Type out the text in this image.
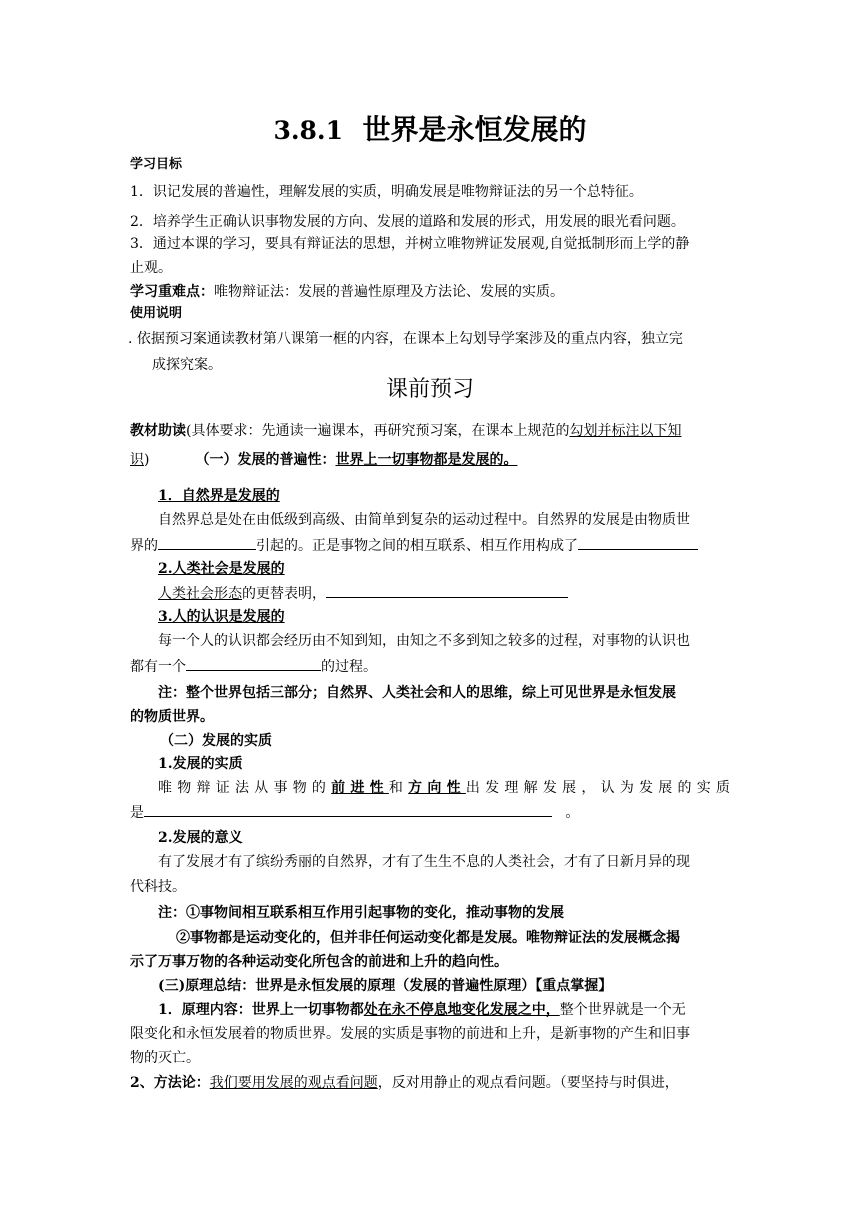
3.8.1 世界是永恒发展的
学习目标
1．识记发展的普遍性，理解发展的实质，明确发展是唯物辩证法的另一个总特征。
2．培养学生正确认识事物发展的方向、发展的道路和发展的形式，用发展的眼光看问题。
3．通过本课的学习，要具有辩证法的思想，并树立唯物辨证发展观,自觉抵制形而上学的静
止观。
学习重难点：唯物辩证法：发展的普遍性原理及方法论、发展的实质。
使用说明
. 依据预习案通读教材第八课第一框的内容，在课本上勾划导学案涉及的重点内容，独立完
成探究案。
课前预习
教材助读(具体要求：先通读一遍课本，再研究预习案，在课本上规范的勾划并标注以下知
识)	（一）发展的普遍性：世界上一切事物都是发展的。
1．自然界是发展的
自然界总是处在由低级到高级、由简单到复杂的运动过程中。自然界的发展是由物质世
界的	引起的。正是事物之间的相互联系、相互作用构成了
2.人类社会是发展的
人类社会形态的更替表明，
3.人的认识是发展的
每一个人的认识都会经历由不知到知，由知之不多到知之较多的过程，对事物的认识也
都有一个	的过程。
注：整个世界包括三部分；自然界、人类社会和人的思维，综上可见世界是永恒发展
的物质世界。
（二）发展的实质
1.发展的实质
唯物辩证法从事物的前进性和方向性出发理解发展，认为发展的实质
是	。
2.发展的意义
有了发展才有了缤纷秀丽的自然界，才有了生生不息的人类社会，才有了日新月异的现
代科技。
注：①事物间相互联系相互作用引起事物的变化，推动事物的发展
②事物都是运动变化的，但并非任何运动变化都是发展。唯物辩证法的发展概念揭
示了万事万物的各种运动变化所包含的前进和上升的趋向性。
(三)原理总结：世界是永恒发展的原理（发展的普遍性原理）【重点掌握】
1．原理内容：世界上一切事物都处在永不停息地变化发展之中，整个世界就是一个无
限变化和永恒发展着的物质世界。发展的实质是事物的前进和上升，是新事物的产生和旧事
物的灭亡。
2、方法论：我们要用发展的观点看问题，反对用静止的观点看问题。（要坚持与时俱进，
